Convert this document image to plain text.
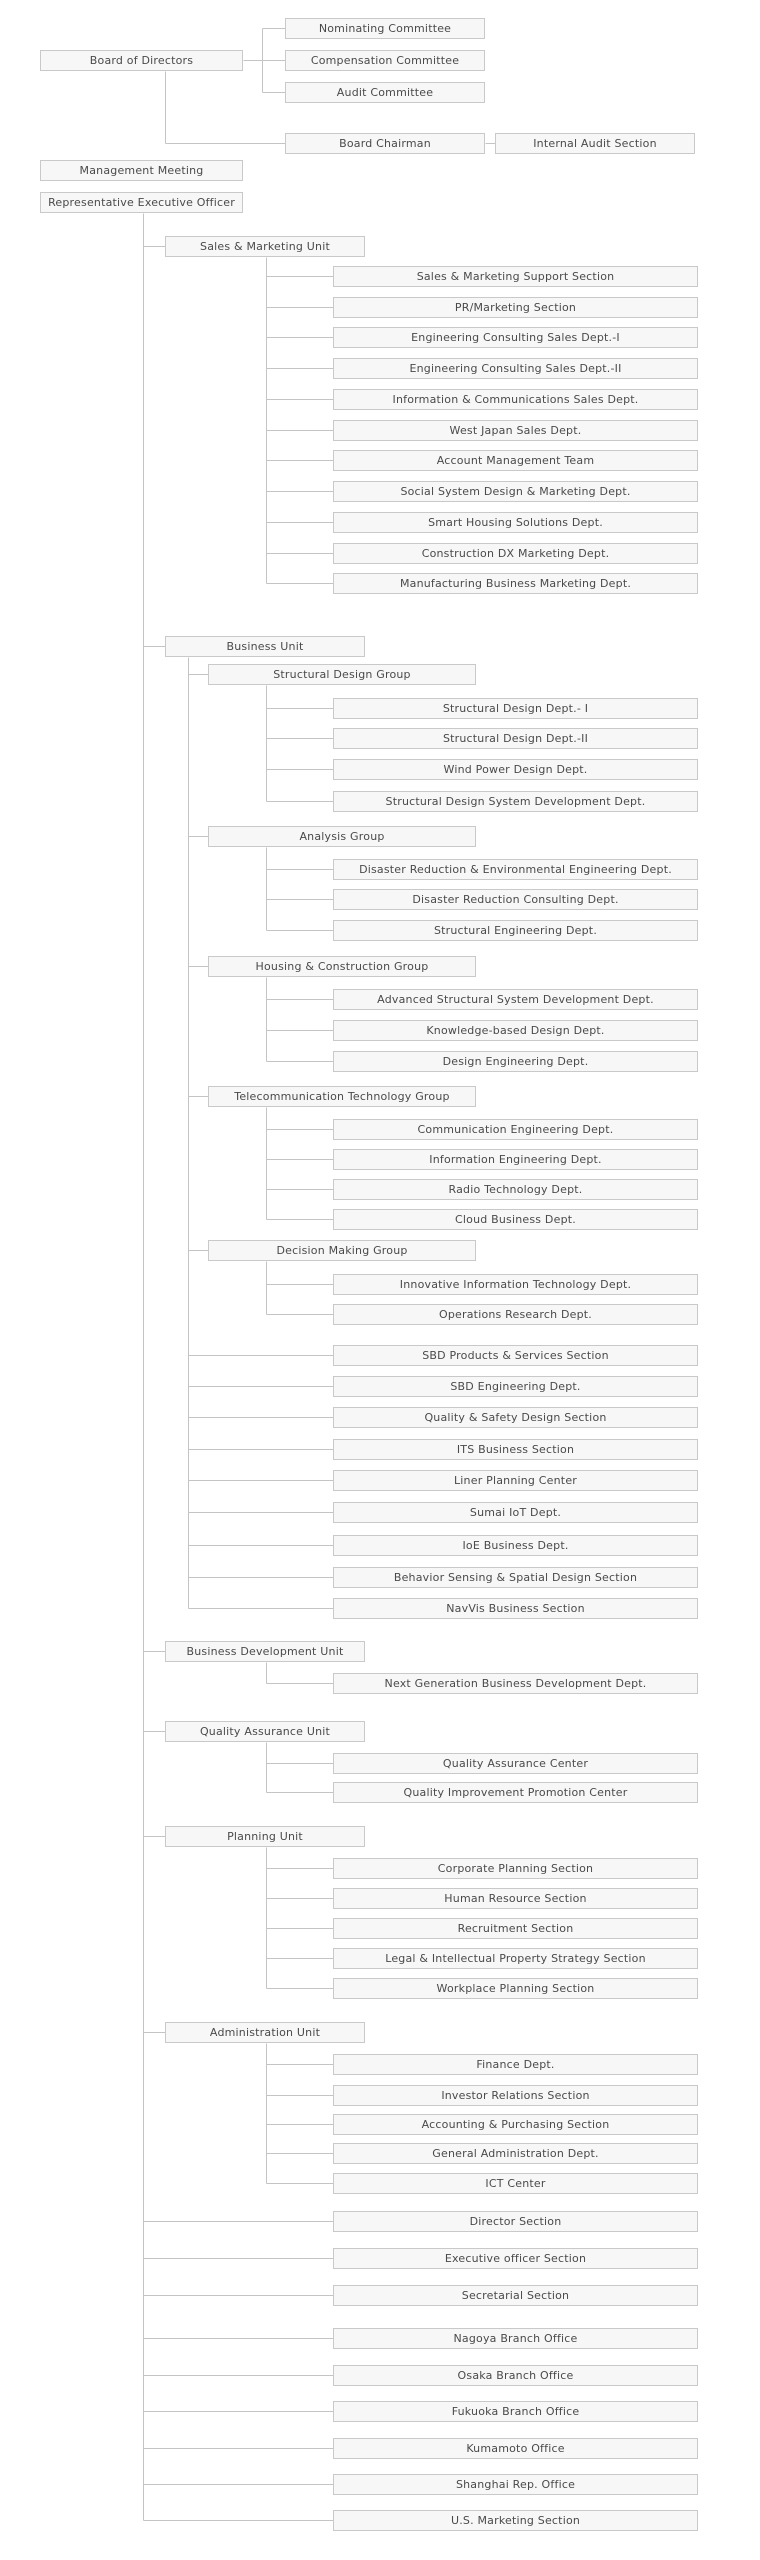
Board of Directors
Nominating Committee
Compensation Committee
Audit Committee
Board Chairman	Internal Audit Section
Management Meeting
Representative Executive Officer
Sales & Marketing Unit
Sales & Marketing Support Section
PR/Marketing Section
Engineering Consulting Sales Dept.-I
Engineering Consulting Sales Dept.-II
Information & Communications Sales Dept.
West Japan Sales Dept.
Account Management Team
Social System Design & Marketing Dept.
Smart Housing Solutions Dept.
Construction DX Marketing Dept.
Manufacturing Business Marketing Dept.
Business Unit
Structural Design Group
Structural Design Dept.- I
Structural Design Dept.-II
Wind Power Design Dept.
Structural Design System Development Dept.
Analysis Group
Disaster Reduction & Environmental Engineering Dept.
Disaster Reduction Consulting Dept.
Structural Engineering Dept.
Housing & Construction Group
Advanced Structural System Development Dept.
Knowledge-based Design Dept.
Design Engineering Dept.
Telecommunication Technology Group
Communication Engineering Dept.
Information Engineering Dept.
Radio Technology Dept.
Cloud Business Dept.
Decision Making Group
Innovative Information Technology Dept.
Operations Research Dept.
SBD Products & Services Section
SBD Engineering Dept.
Quality & Safety Design Section
ITS Business Section
Liner Planning Center
Sumai IoT Dept.
IoE Business Dept.
Behavior Sensing & Spatial Design Section
NavVis Business Section
Business Development Unit
Next Generation Business Development Dept.
Quality Assurance Unit
Quality Assurance Center
Quality Improvement Promotion Center
Planning Unit
Corporate Planning Section
Human Resource Section
Recruitment Section
Legal & Intellectual Property Strategy Section
Workplace Planning Section
Administration Unit
Finance Dept.
Investor Relations Section
Accounting & Purchasing Section
General Administration Dept.
ICT Center
Director Section
Executive officer Section
Secretarial Section
Nagoya Branch Office
Osaka Branch Office
Fukuoka Branch Office
Kumamoto Office
Shanghai Rep. Office
U.S. Marketing Section
